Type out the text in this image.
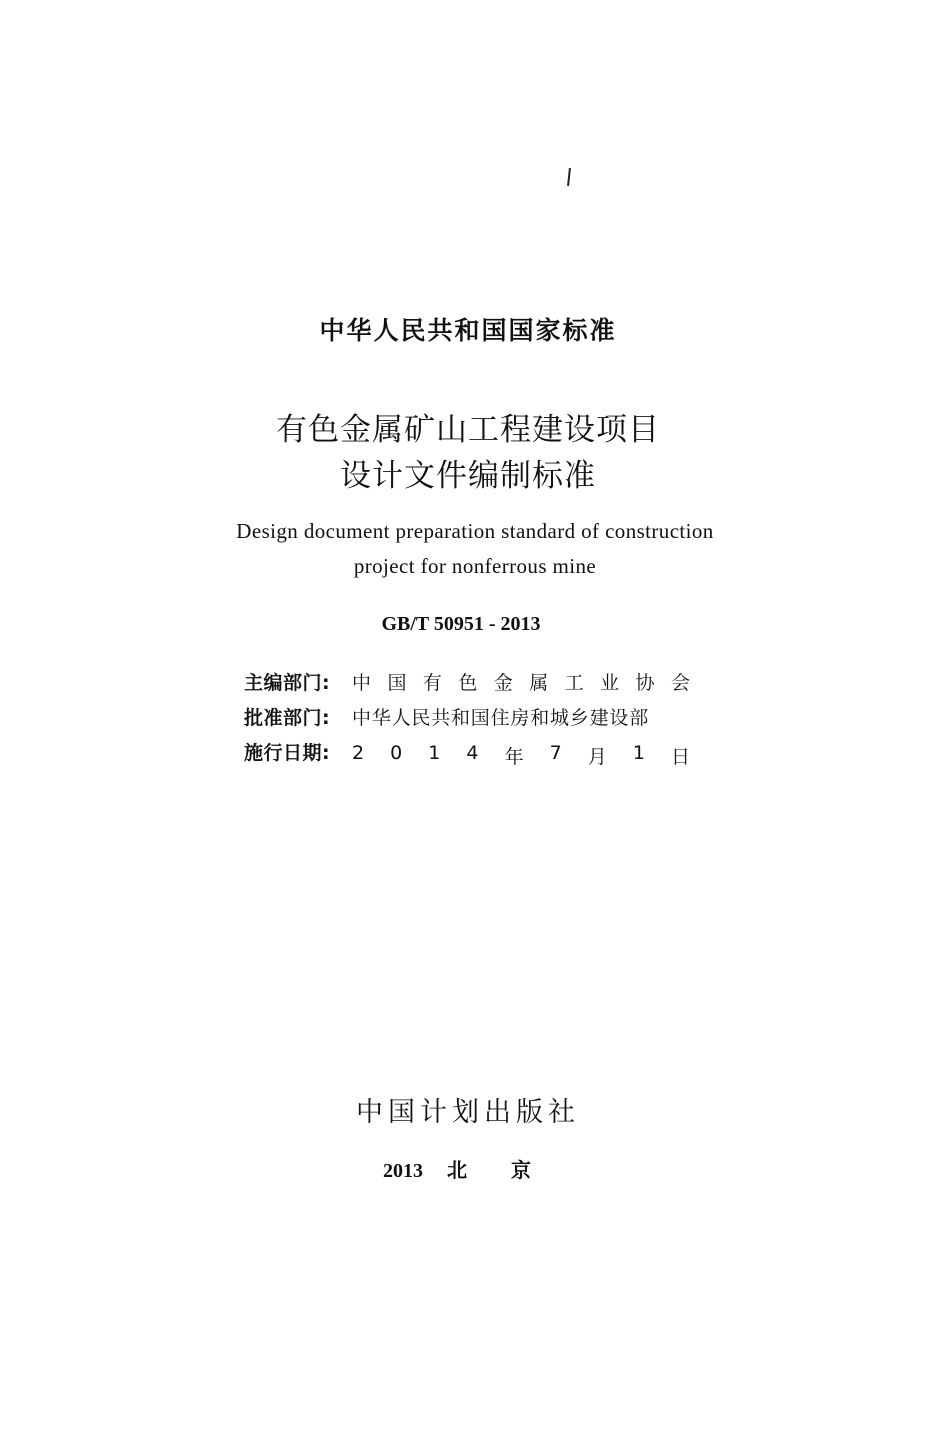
中华人民共和国国家标准
有色金属矿山工程建设项目
设计文件编制标准
Design document preparation standard of construction
project for nonferrous mine
GB/T 50951 - 2013
主编部门:	中 国 有 色 金 属 工 业 协 会
批准部门:	中华人民共和国住房和城乡建设部
施行日期:	2 0 1 4 年 7 月 1 日
中国计划出版社
2013 北京
